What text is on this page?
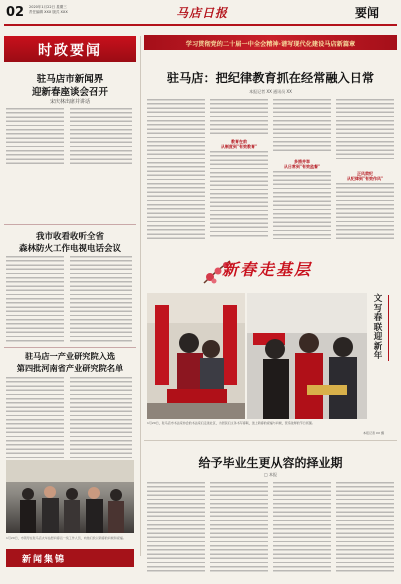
02 2020年1月22日 星期三
责任编辑 XXX 版式 XXX	马店日报	要闻
时政要闻
驻马店市新闻界
迎新春座谈会召开
宋庆林出席并讲话
我市收看收听全省
森林防火工作电视电话会议
驻马店一产业研究院入选
第四批河南省产业研究院名单
1月20日，市领导在驻马店火车站慰问春运一线工作人员，向他们致以新春的问候和祝福。
新闻集锦
学习贯彻党的二十届一中全会精神·谱写现代化建设马店新篇章
驻马店：把纪律教育抓在经常融入日常
本报记者 XX 通讯员 XX
教育在前
从制度到"有效教育"
多措并举
从日常到"有效监督"
正风肃纪
从纪律到"有效作风"
新春走基层
文
写
春
联
迎
新
年
1月20日，驻马店市书法家协会的书法家们走进社区，为居民们义务书写春联，送上新春的祝福与问候，营造浓厚的节日氛围。
本报记者 XX 摄
给予毕业生更从容的择业期
□ 本报
